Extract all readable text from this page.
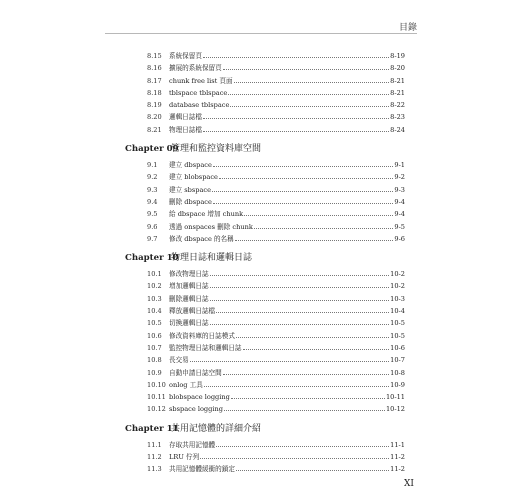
目錄
8.15	系統保留頁	8-19
8.16	擴展的系統保留頁	8-20
8.17	chunk free list 頁面	8-21
8.18	tblspace tblspace	8-21
8.19	database tblspace	8-22
8.20	邏輯日誌檔	8-23
8.21	物理日誌檔	8-24
Chapter 09
管理和監控資料庫空間
9.1	建立 dbspace	9-1
9.2	建立 blobspace	9-2
9.3	建立 sbspace	9-3
9.4	刪除 dbspace	9-4
9.5	給 dbspace 增加 chunk	9-4
9.6	透過 onspaces 刪除 chunk	9-5
9.7	修改 dbspace 的名稱	9-6
Chapter 10
物理日誌和邏輯日誌
10.1	修改物理日誌	10-2
10.2	增加邏輯日誌	10-2
10.3	刪除邏輯日誌	10-3
10.4	釋放邏輯日誌檔	10-4
10.5	切換邏輯日誌	10-5
10.6	修改資料庫的日誌模式	10-5
10.7	監控物理日誌和邏輯日誌	10-6
10.8	長交易	10-7
10.9	自動申請日誌空間	10-8
10.10 onlog 工具	10-9
10.11 blobspace logging	10-11
10.12 sbspace logging	10-12
Chapter 11
共用記憶體的詳細介紹
11.1	存取共用記憶體	11-1
11.2	LRU 佇列	11-2
11.3	共用記憶體緩衝的鎖定	11-2
XI
